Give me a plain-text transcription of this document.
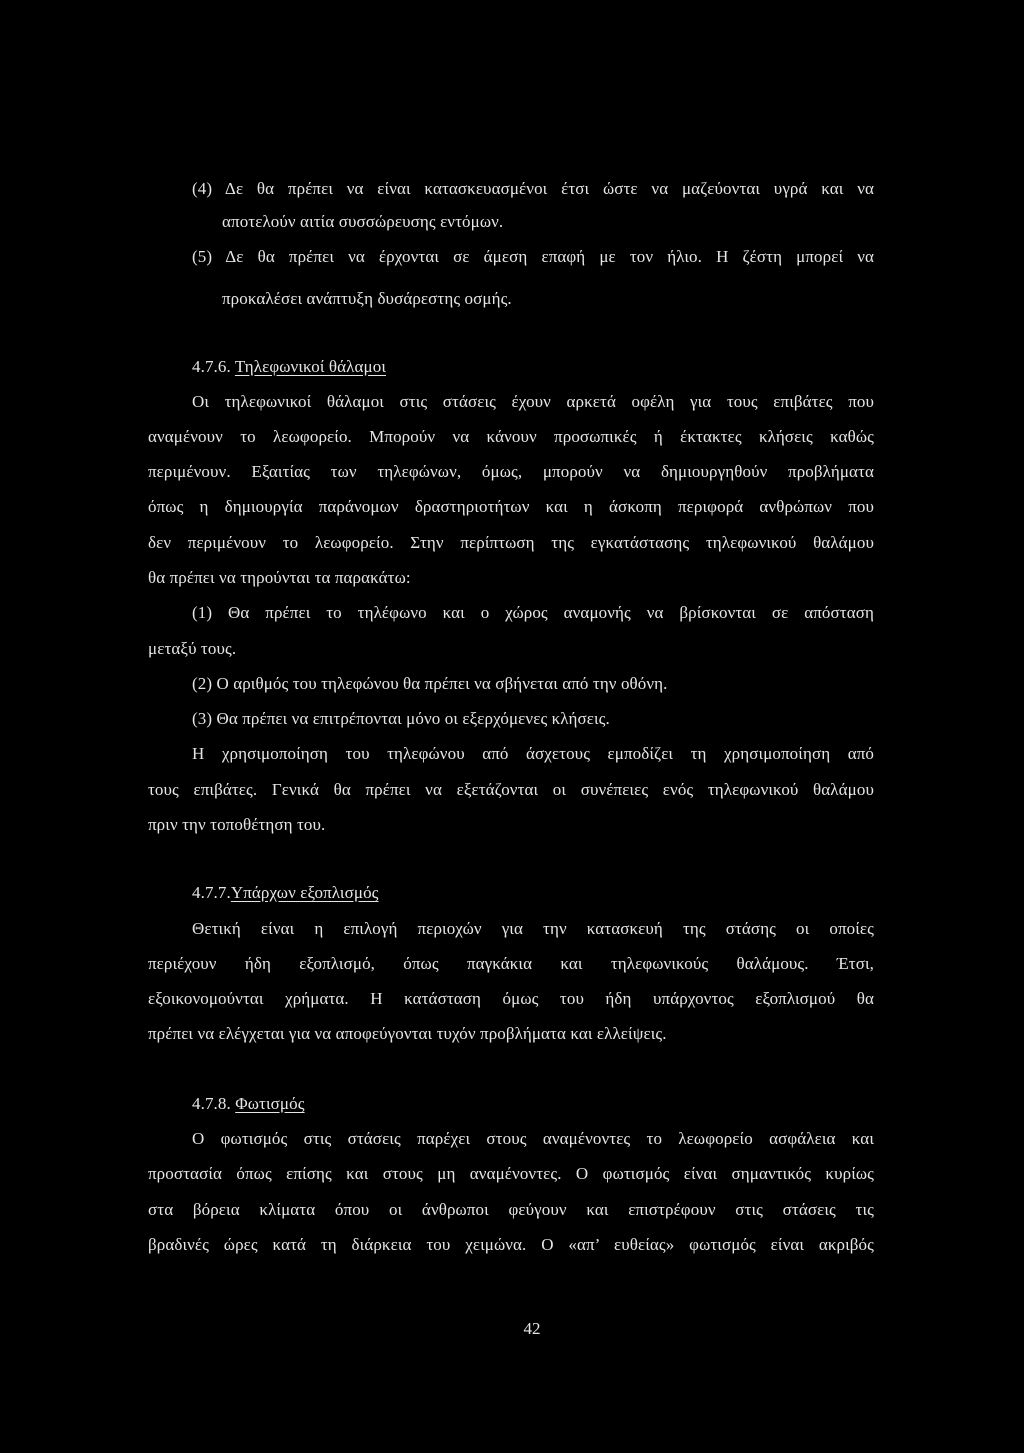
(4) Δε θα πρέπει να είναι κατασκευασμένοι έτσι ώστε να μαζεύονται υγρά και να
αποτελούν αιτία συσσώρευσης εντόμων.
(5) Δε θα πρέπει να έρχονται σε άμεση επαφή με τον ήλιο. Η ζέστη μπορεί να
προκαλέσει ανάπτυξη δυσάρεστης οσμής.
4.7.6. Τηλεφωνικοί θάλαμοι
Οι τηλεφωνικοί θάλαμοι στις στάσεις έχουν αρκετά οφέλη για τους επιβάτες που
αναμένουν το λεωφορείο. Μπορούν να κάνουν προσωπικές ή έκτακτες κλήσεις καθώς
περιμένουν. Εξαιτίας των τηλεφώνων, όμως, μπορούν να δημιουργηθούν προβλήματα
όπως η δημιουργία παράνομων δραστηριοτήτων και η άσκοπη περιφορά ανθρώπων που
δεν περιμένουν το λεωφορείο. Στην περίπτωση της εγκατάστασης τηλεφωνικού θαλάμου
θα πρέπει να τηρούνται τα παρακάτω:
(1) Θα πρέπει το τηλέφωνο και ο χώρος αναμονής να βρίσκονται σε απόσταση
μεταξύ τους.
(2) Ο αριθμός του τηλεφώνου θα πρέπει να σβήνεται από την οθόνη.
(3) Θα πρέπει να επιτρέπονται μόνο οι εξερχόμενες κλήσεις.
Η χρησιμοποίηση του τηλεφώνου από άσχετους εμποδίζει τη χρησιμοποίηση από
τους επιβάτες. Γενικά θα πρέπει να εξετάζονται οι συνέπειες ενός τηλεφωνικού θαλάμου
πριν την τοποθέτηση του.
4.7.7.Υπάρχων εξοπλισμός
Θετική είναι η επιλογή περιοχών για την κατασκευή της στάσης οι οποίες
περιέχουν ήδη εξοπλισμό, όπως παγκάκια και τηλεφωνικούς θαλάμους. Έτσι,
εξοικονομούνται χρήματα. Η κατάσταση όμως του ήδη υπάρχοντος εξοπλισμού θα
πρέπει να ελέγχεται για να αποφεύγονται τυχόν προβλήματα και ελλείψεις.
4.7.8. Φωτισμός
Ο φωτισμός στις στάσεις παρέχει στους αναμένοντες το λεωφορείο ασφάλεια και
προστασία όπως επίσης και στους μη αναμένοντες. Ο φωτισμός είναι σημαντικός κυρίως
στα βόρεια κλίματα όπου οι άνθρωποι φεύγουν και επιστρέφουν στις στάσεις τις
βραδινές ώρες κατά τη διάρκεια του χειμώνα. Ο «απ’ ευθείας» φωτισμός είναι ακριβός
42
